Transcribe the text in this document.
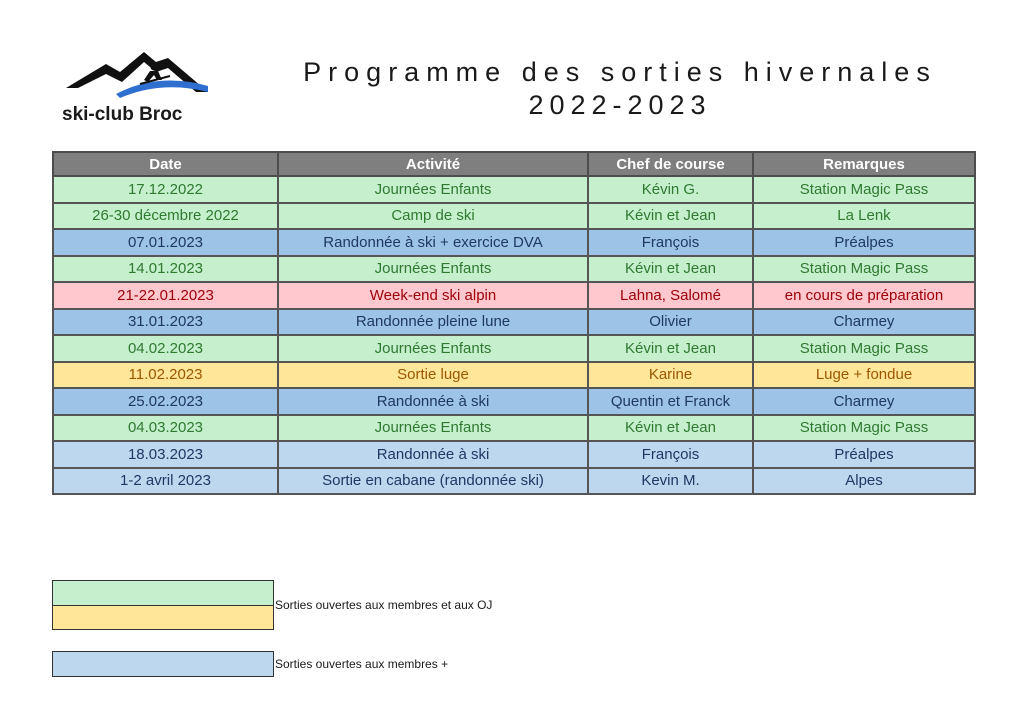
ski-club Broc
Programme des sorties hivernales
2022-2023
Date	Activité	Chef de course	Remarques
17.12.2022	Journées Enfants	Kévin G.	Station Magic Pass
26-30 décembre 2022	Camp de ski	Kévin et Jean	La Lenk
07.01.2023	Randonnée à ski + exercice DVA	François	Préalpes
14.01.2023	Journées Enfants	Kévin et Jean	Station Magic Pass
21-22.01.2023	Week-end ski alpin	Lahna, Salomé	en cours de préparation
31.01.2023	Randonnée pleine lune	Olivier	Charmey
04.02.2023	Journées Enfants	Kévin et Jean	Station Magic Pass
11.02.2023	Sortie luge	Karine	Luge + fondue
25.02.2023	Randonnée à ski	Quentin et Franck	Charmey
04.03.2023	Journées Enfants	Kévin et Jean	Station Magic Pass
18.03.2023	Randonnée à ski	François	Préalpes
1-2 avril 2023	Sortie en cabane (randonnée ski)	Kevin M.	Alpes
Sorties ouvertes aux membres et aux OJ
Sorties ouvertes aux membres +
